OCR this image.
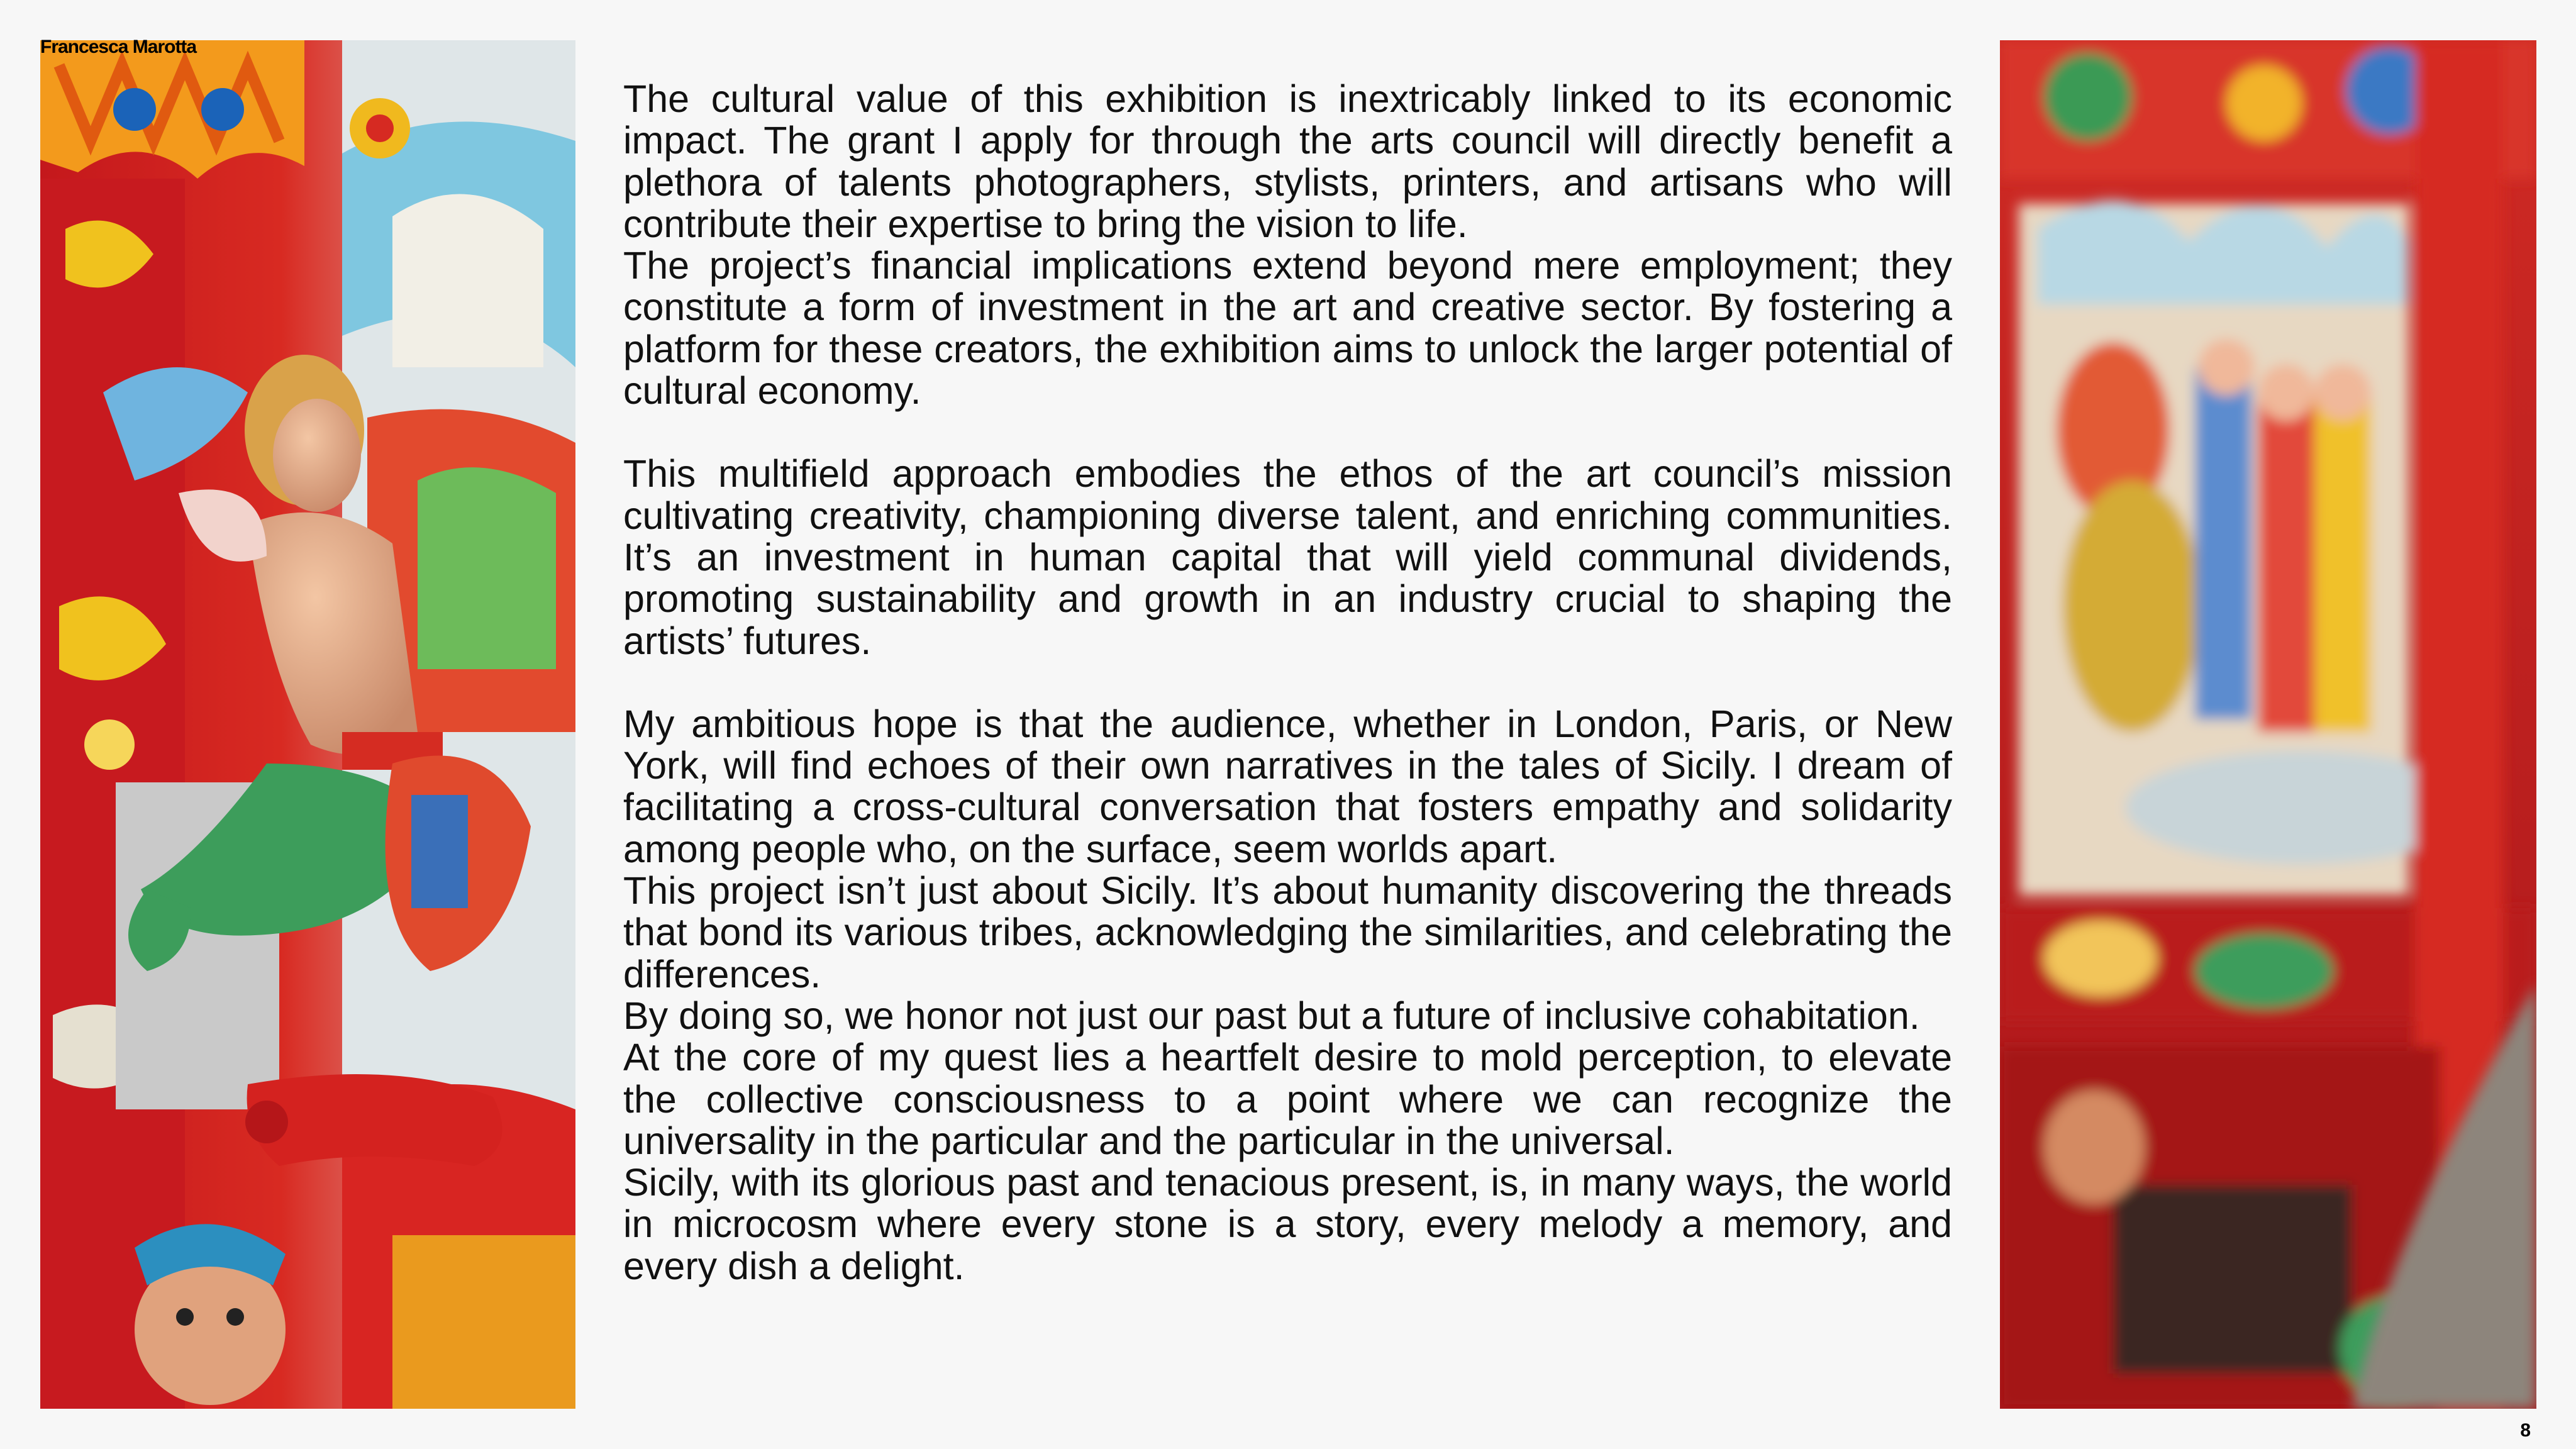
Francesca Marotta

The cultural value of this exhibition is inextricably linked to its economic impact. The grant I apply for through the arts council will directly benefit a plethora of talents photographers, stylists, printers, and artisans who will contribute their expertise to bring the vision to life.

The project’s financial implications extend beyond mere employment; they constitute a form of investment in the art and creative sector. By fostering a platform for these creators, the exhibition aims to unlock the larger potential of cultural economy.

This multifield approach embodies the ethos of the art council’s mission cultivating creativity, championing diverse talent, and enriching communities. It’s an investment in human capital that will yield communal dividends, promoting sustainability and growth in an industry crucial to shaping the artists’ futures.

My ambitious hope is that the audience, whether in London, Paris, or New York, will find echoes of their own narratives in the tales of Sicily. I dream of facilitating a cross-cultural conversation that fosters empathy and solidarity among people who, on the surface, seem worlds apart.

This project isn’t just about Sicily. It’s about humanity discovering the threads that bond its various tribes, acknowledging the similarities, and celebrating the differences.

By doing so, we honor not just our past but a future of inclusive cohabitation.

At the core of my quest lies a heartfelt desire to mold perception, to elevate the collective consciousness to a point where we can recognize the universality in the particular and the particular in the universal.

Sicily, with its glorious past and tenacious present, is, in many ways, the world in microcosm where every stone is a story, every melody a memory, and every dish a delight.

8
